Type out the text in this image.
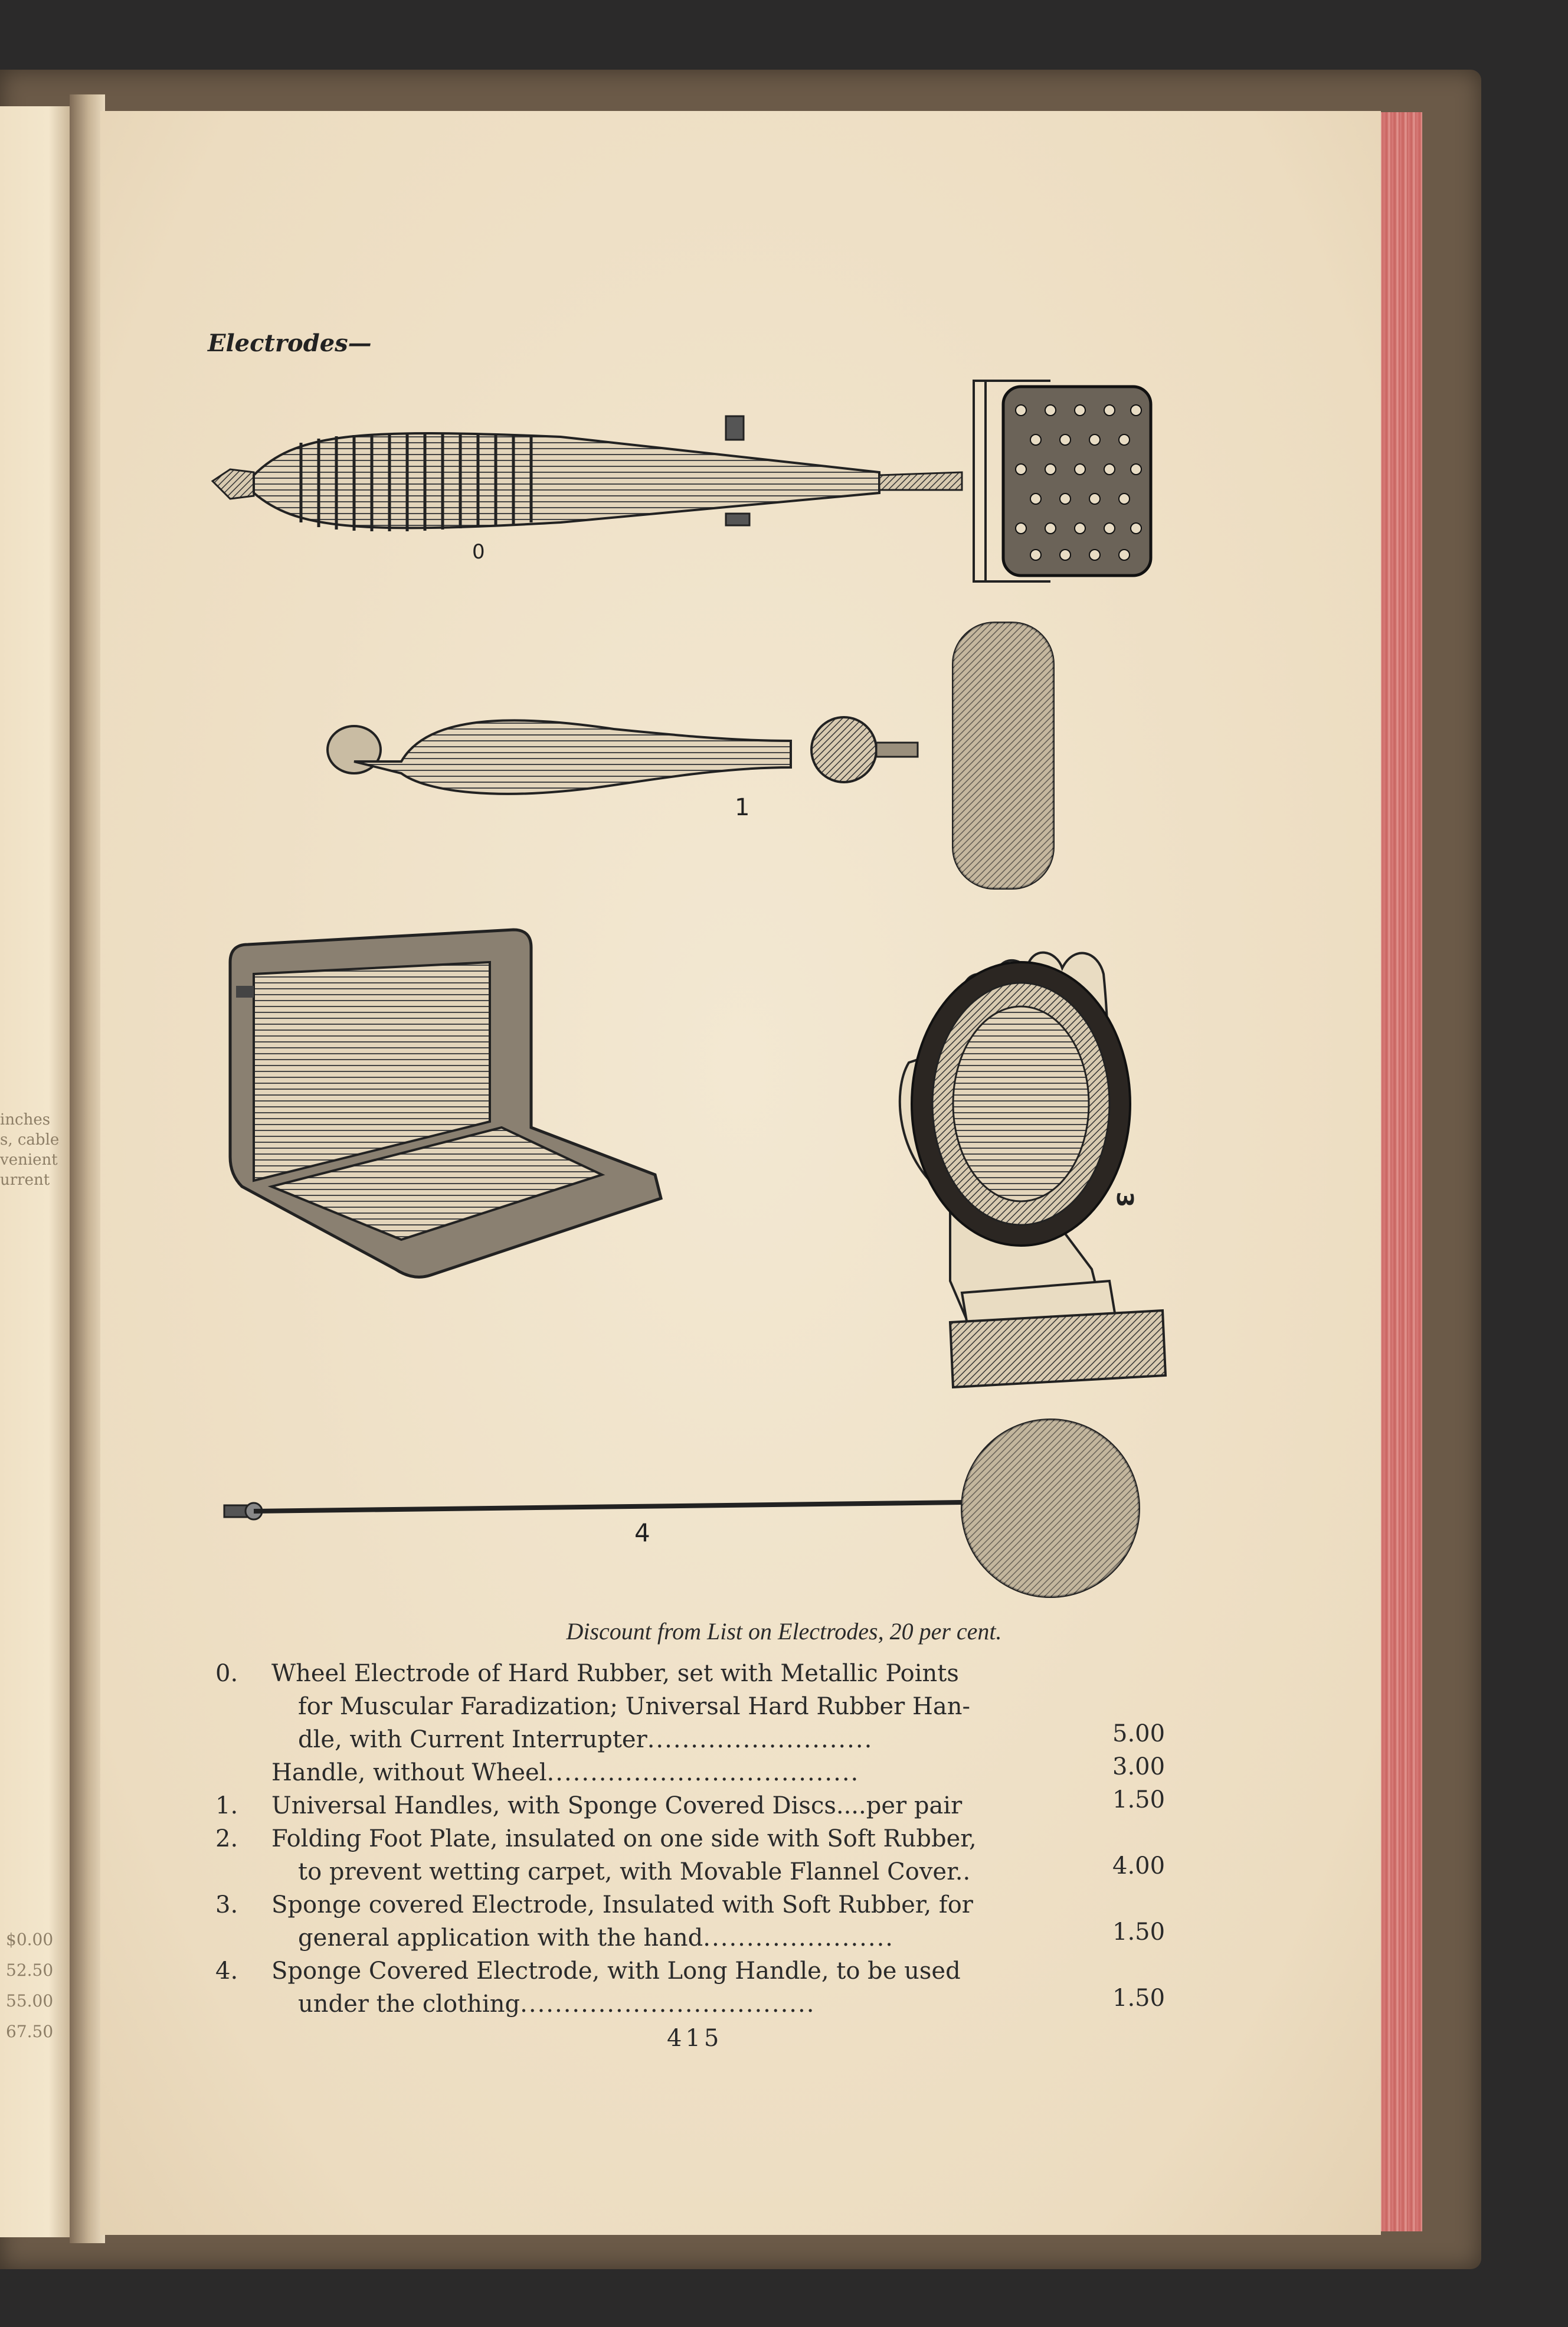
inches
s, cable
venient
urrent
$0.00
52.50
55.00
67.50
Electrodes—
0
1
3
4
Discount from List on Electrodes, 20 per cent.
0. Wheel Electrode of Hard Rubber, set with Metallic Points
for Muscular Faradization; Universal Hard Rubber Han-
dle, with Current Interrupter..........................	5.00
Handle, without Wheel....................................	3.00
1. Universal Handles, with Sponge Covered Discs....per pair	1.50
2. Folding Foot Plate, insulated on one side with Soft Rubber,
to prevent wetting carpet, with Movable Flannel Cover..	4.00
3. Sponge covered Electrode, Insulated with Soft Rubber, for
general application with the hand......................	1.50
4. Sponge Covered Electrode, with Long Handle, to be used
under the clothing..................................	1.50
415
